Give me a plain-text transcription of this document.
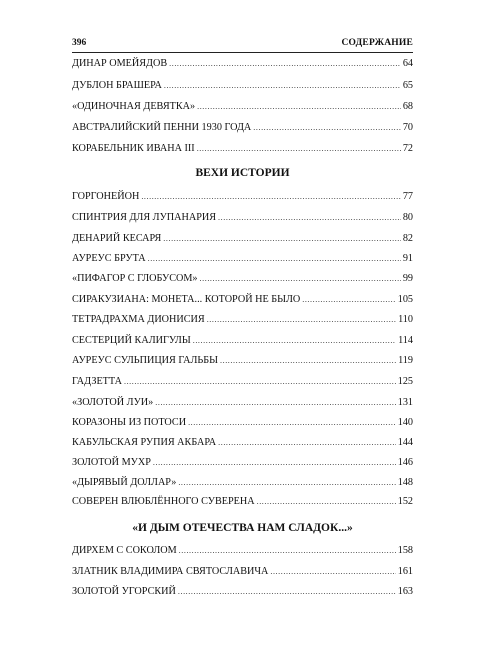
396	СОДЕРЖАНИЕ
ДИНАР ОМЕЙЯДОВ .....	64
ДУБЛОН БРАШЕРА .....	65
«ОДИНОЧНАЯ ДЕВЯТКА» .....	68
АВСТРАЛИЙСКИЙ ПЕННИ 1930 ГОДА .....	70
КОРАБЕЛЬНИК ИВАНА III .....	72
ВЕХИ ИСТОРИИ
ГОРГОНЕЙОН .....	77
СПИНТРИЯ ДЛЯ ЛУПАНАРИЯ .....	80
ДЕНАРИЙ КЕСАРЯ .....	82
АУРЕУС БРУТА .....	91
«ПИФАГОР С ГЛОБУСОМ» .....	99
СИРАКУЗИАНА: МОНЕТА... КОТОРОЙ НЕ БЫЛО .....	105
ТЕТРАДРАХМА ДИОНИСИЯ .....	110
СЕСТЕРЦИЙ КАЛИГУЛЫ .....	114
АУРЕУС СУЛЬПИЦИЯ ГАЛЬБЫ .....	119
ГАДЗЕТТА .....	125
«ЗОЛОТОЙ ЛУИ» .....	131
КОРАЗОНЫ ИЗ ПОТОСИ .....	140
КАБУЛЬСКАЯ РУПИЯ АКБАРА .....	144
ЗОЛОТОЙ МУХР .....	146
«ДЫРЯВЫЙ ДОЛЛАР» .....	148
СОВЕРЕН ВЛЮБЛЁННОГО СУВЕРЕНА .....	152
«И ДЫМ ОТЕЧЕСТВА НАМ СЛАДОК...»
ДИРХЕМ С СОКОЛОМ .....	158
ЗЛАТНИК ВЛАДИМИРА СВЯТОСЛАВИЧА .....	161
ЗОЛОТОЙ УГОРСКИЙ .....	163
